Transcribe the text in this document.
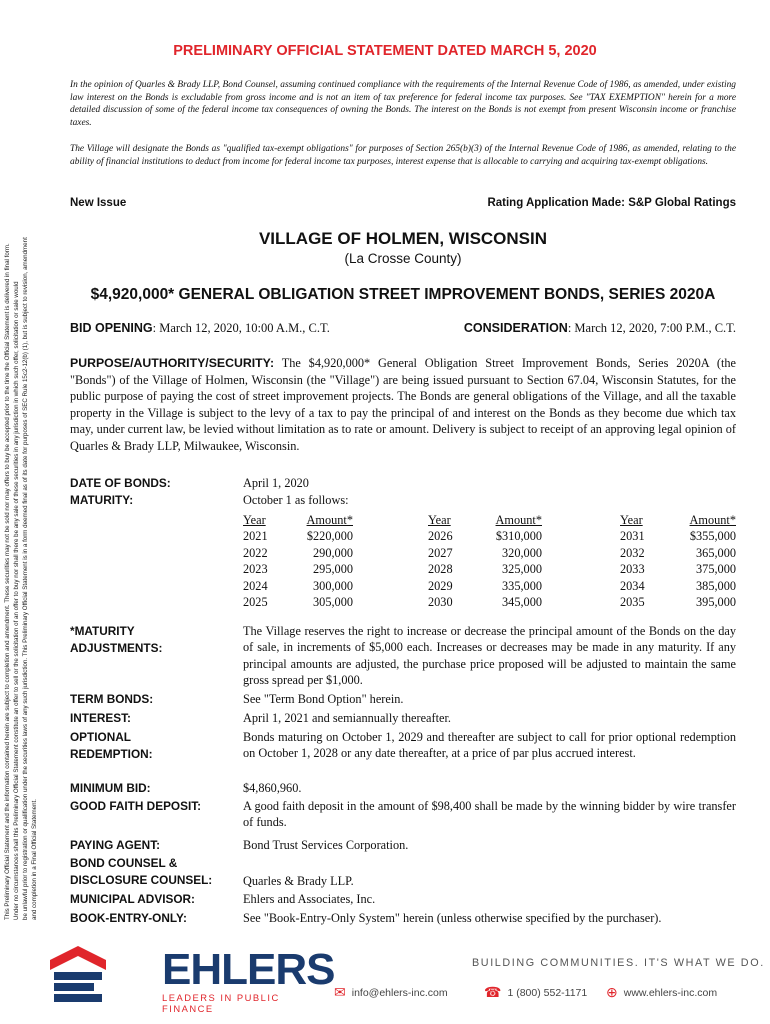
This Preliminary Official Statement and the information contained herein are subject to completion and amendment. These securities may not be sold nor may offers to buy be accepted prior to the time the Official Statement is delivered in final form. Under no circumstances shall this Preliminary Official Statement constitute an offer to sell or the solicitation of an offer to buy nor shall there be any sale of these securities in any jurisdiction in which such offer, solicitation or sale would be unlawful prior to registration or qualification under the securities laws of any such jurisdiction. This Preliminary Official Statement is in a form deemed final as of its date for purposes of SEC Rule 15c2-12(b) (1), but is subject to revision, amendment and completion in a Final Official Statement.

PRELIMINARY OFFICIAL STATEMENT DATED MARCH 5, 2020

In the opinion of Quarles & Brady LLP, Bond Counsel, assuming continued compliance with the requirements of the Internal Revenue Code of 1986, as amended, under existing law interest on the Bonds is excludable from gross income and is not an item of tax preference for federal income tax purposes. See "TAX EXEMPTION" herein for a more detailed discussion of some of the federal income tax consequences of owning the Bonds. The interest on the Bonds is not exempt from present Wisconsin income or franchise taxes.

The Village will designate the Bonds as "qualified tax-exempt obligations" for purposes of Section 265(b)(3) of the Internal Revenue Code of 1986, as amended, relating to the ability of financial institutions to deduct from income for federal income tax purposes, interest expense that is allocable to carrying and acquiring tax-exempt obligations.

New Issue	Rating Application Made: S&P Global Ratings
VILLAGE OF HOLMEN, WISCONSIN
(La Crosse County)
$4,920,000* GENERAL OBLIGATION STREET IMPROVEMENT BONDS, SERIES 2020A
BID OPENING: March 12, 2020, 10:00 A.M., C.T.	CONSIDERATION: March 12, 2020, 7:00 P.M., C.T.

PURPOSE/AUTHORITY/SECURITY: The $4,920,000* General Obligation Street Improvement Bonds, Series 2020A (the "Bonds") of the Village of Holmen, Wisconsin (the "Village") are being issued pursuant to Section 67.04, Wisconsin Statutes, for the public purpose of paying the cost of street improvement projects. The Bonds are general obligations of the Village, and all the taxable property in the Village is subject to the levy of a tax to pay the principal of and interest on the Bonds as they become due which tax may, under current law, be levied without limitation as to rate or amount. Delivery is subject to receipt of an approving legal opinion of Quarles & Brady LLP, Milwaukee, Wisconsin.

DATE OF BONDS:	April 1, 2020

MATURITY:	October 1 as follows:

Year	Amount*		Year	Amount*		Year	Amount*
2021	$220,000		2026	$310,000		2031	$355,000
2022	290,000		2027	320,000		2032	365,000
2023	295,000		2028	325,000		2033	375,000
2024	300,000		2029	335,000		2034	385,000
2025	305,000		2030	345,000		2035	395,000
*MATURITY
ADJUSTMENTS:

The Village reserves the right to increase or decrease the principal amount of the Bonds on the day of sale, in increments of $5,000 each. Increases or decreases may be made in any maturity. If any principal amounts are adjusted, the purchase price proposed will be adjusted to maintain the same gross spread per $1,000.

TERM BONDS:	See "Term Bond Option" herein.

INTEREST:	April 1, 2021 and semiannually thereafter.

OPTIONAL
REDEMPTION:

Bonds maturing on October 1, 2029 and thereafter are subject to call for prior optional redemption on October 1, 2028 or any date thereafter, at a price of par plus accrued interest.

MINIMUM BID:	$4,860,960.

GOOD FAITH DEPOSIT:	A good faith deposit in the amount of $98,400 shall be made by the winning bidder by wire transfer of funds.

PAYING AGENT:	Bond Trust Services Corporation.

BOND COUNSEL &
DISCLOSURE COUNSEL:	Quarles & Brady LLP.

MUNICIPAL ADVISOR:	Ehlers and Associates, Inc.

BOOK-ENTRY-ONLY:	See "Book-Entry-Only System" herein (unless otherwise specified by the purchaser).

EHLERS
LEADERS IN PUBLIC FINANCE
BUILDING COMMUNITIES. IT'S WHAT WE DO.
✉ info@ehlers-inc.com	☎ 1 (800) 552-1171 ⊕ www.ehlers-inc.com
